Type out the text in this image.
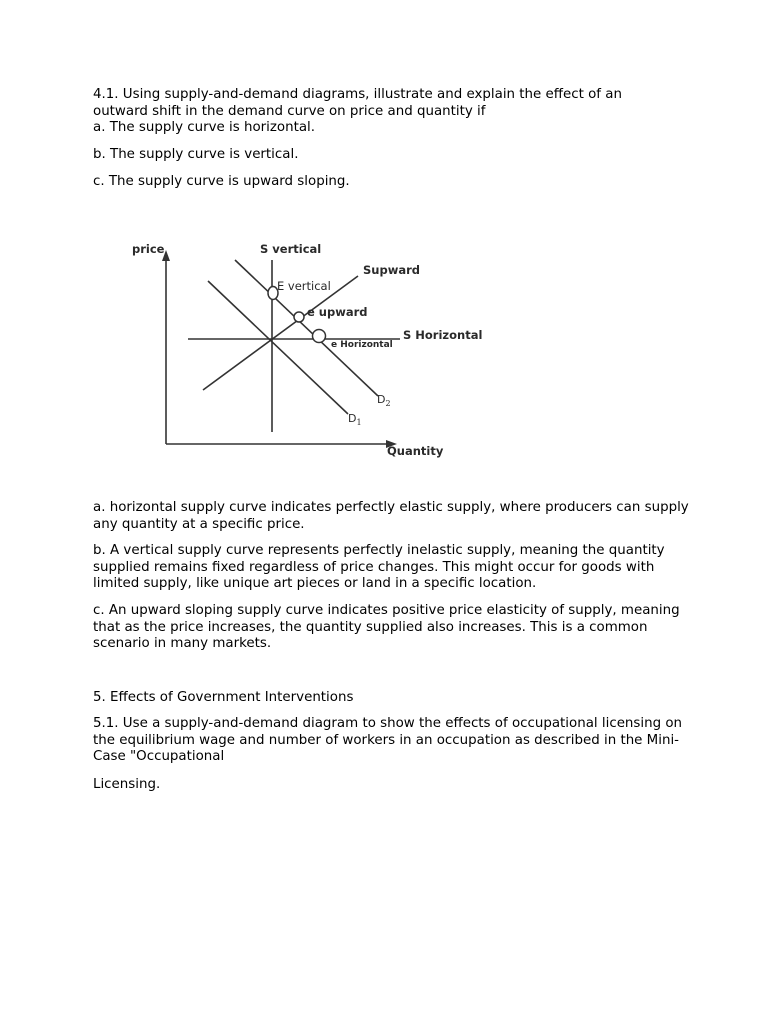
4.1. Using supply-and-demand diagrams, illustrate and explain the effect of an
outward shift in the demand curve on price and quantity if
a. The supply curve is horizontal.

b. The supply curve is vertical.

c. The supply curve is upward sloping.

price	S vertical
Supward
E vertical
e upward
S Horizontal
e Horizontal
$D_2$
$D_1$
Quantity

a. horizontal supply curve indicates perfectly elastic supply, where producers can supply any quantity at a specific price.

b. A vertical supply curve represents perfectly inelastic supply, meaning the quantity supplied remains fixed regardless of price changes. This might occur for goods with limited supply, like unique art pieces or land in a specific location.

c. An upward sloping supply curve indicates positive price elasticity of supply, meaning that as the price increases, the quantity supplied also increases. This is a common scenario in many markets.

5. Effects of Government Interventions

5.1. Use a supply-and-demand diagram to show the effects of occupational licensing on the equilibrium wage and number of workers in an occupation as described in the Mini-Case "Occupational

Licensing.
